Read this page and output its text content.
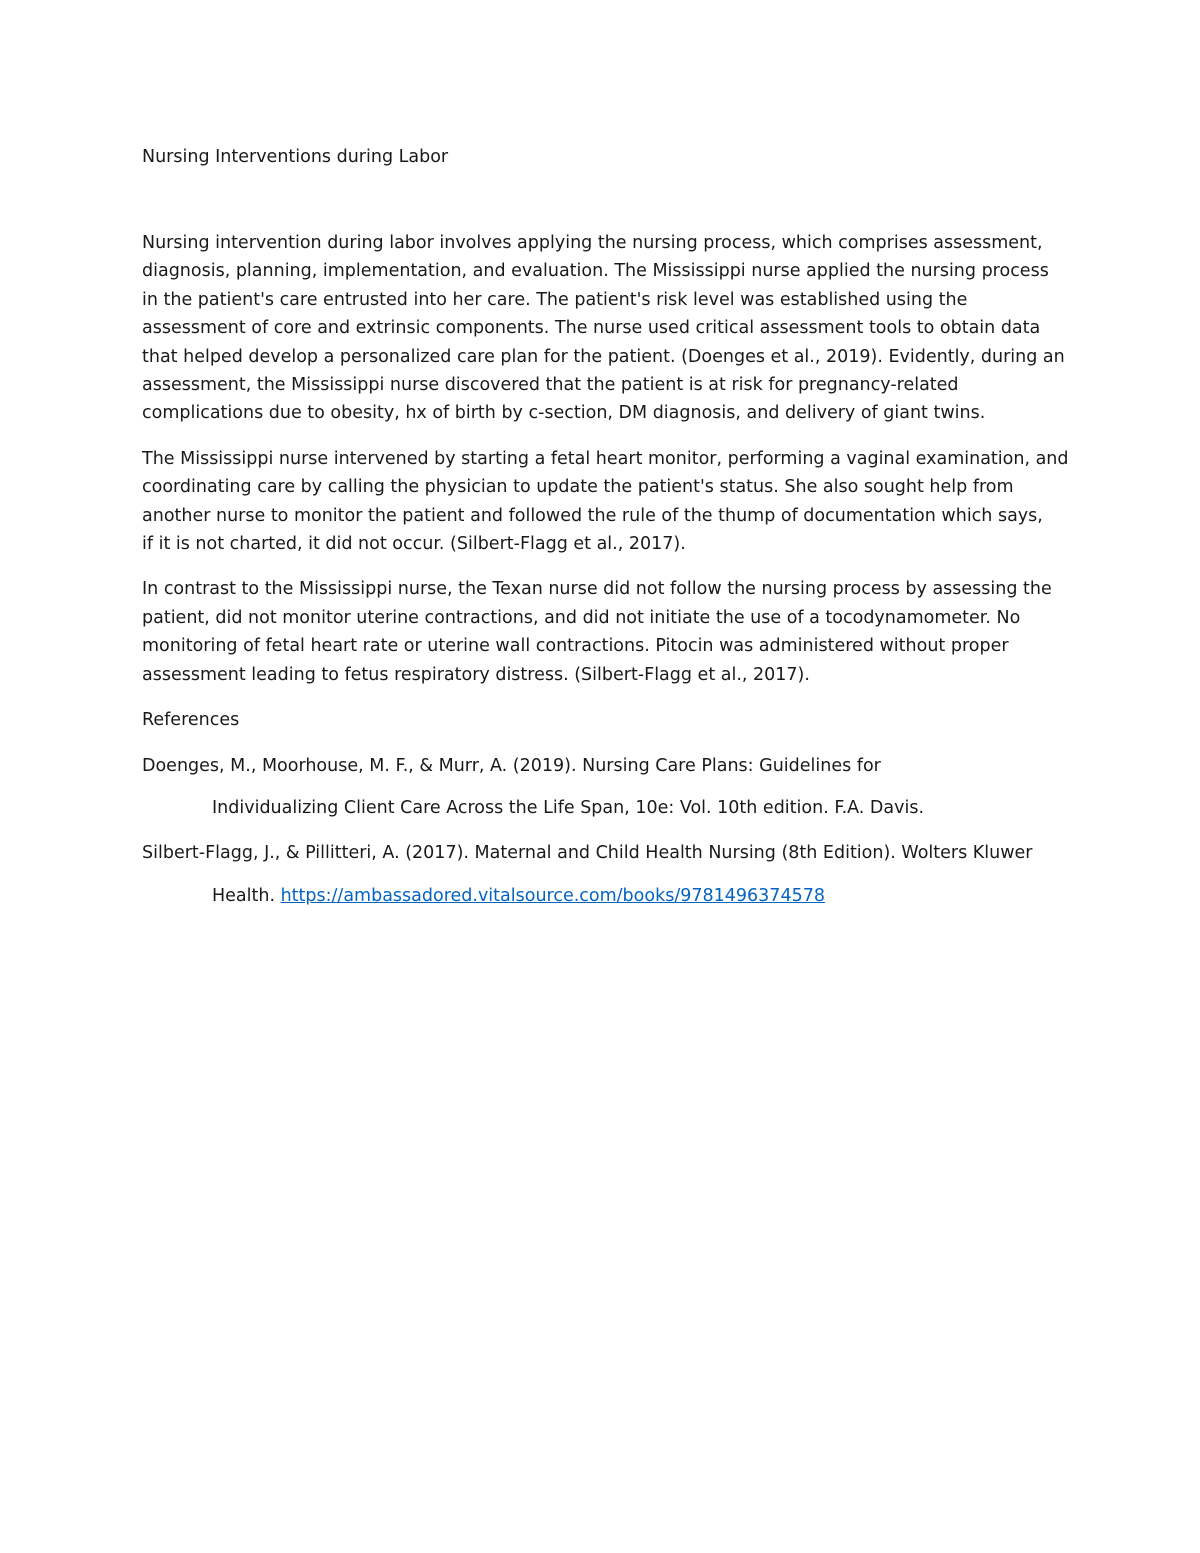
Nursing Interventions during Labor

Nursing intervention during labor involves applying the nursing process, which comprises assessment,
diagnosis, planning, implementation, and evaluation. The Mississippi nurse applied the nursing process
in the patient's care entrusted into her care. The patient's risk level was established using the
assessment of core and extrinsic components. The nurse used critical assessment tools to obtain data
that helped develop a personalized care plan for the patient. (Doenges et al., 2019). Evidently, during an
assessment, the Mississippi nurse discovered that the patient is at risk for pregnancy-related
complications due to obesity, hx of birth by c-section, DM diagnosis, and delivery of giant twins.

The Mississippi nurse intervened by starting a fetal heart monitor, performing a vaginal examination, and
coordinating care by calling the physician to update the patient's status. She also sought help from
another nurse to monitor the patient and followed the rule of the thump of documentation which says,
if it is not charted, it did not occur. (Silbert-Flagg et al., 2017).

In contrast to the Mississippi nurse, the Texan nurse did not follow the nursing process by assessing the
patient, did not monitor uterine contractions, and did not initiate the use of a tocodynamometer. No
monitoring of fetal heart rate or uterine wall contractions. Pitocin was administered without proper
assessment leading to fetus respiratory distress. (Silbert-Flagg et al., 2017).

References

Doenges, M., Moorhouse, M. F., & Murr, A. (2019). Nursing Care Plans: Guidelines for
Individualizing Client Care Across the Life Span, 10e: Vol. 10th edition. F.A. Davis.
Silbert-Flagg, J., & Pillitteri, A. (2017). Maternal and Child Health Nursing (8th Edition). Wolters Kluwer
Health. https://ambassadored.vitalsource.com/books/9781496374578
